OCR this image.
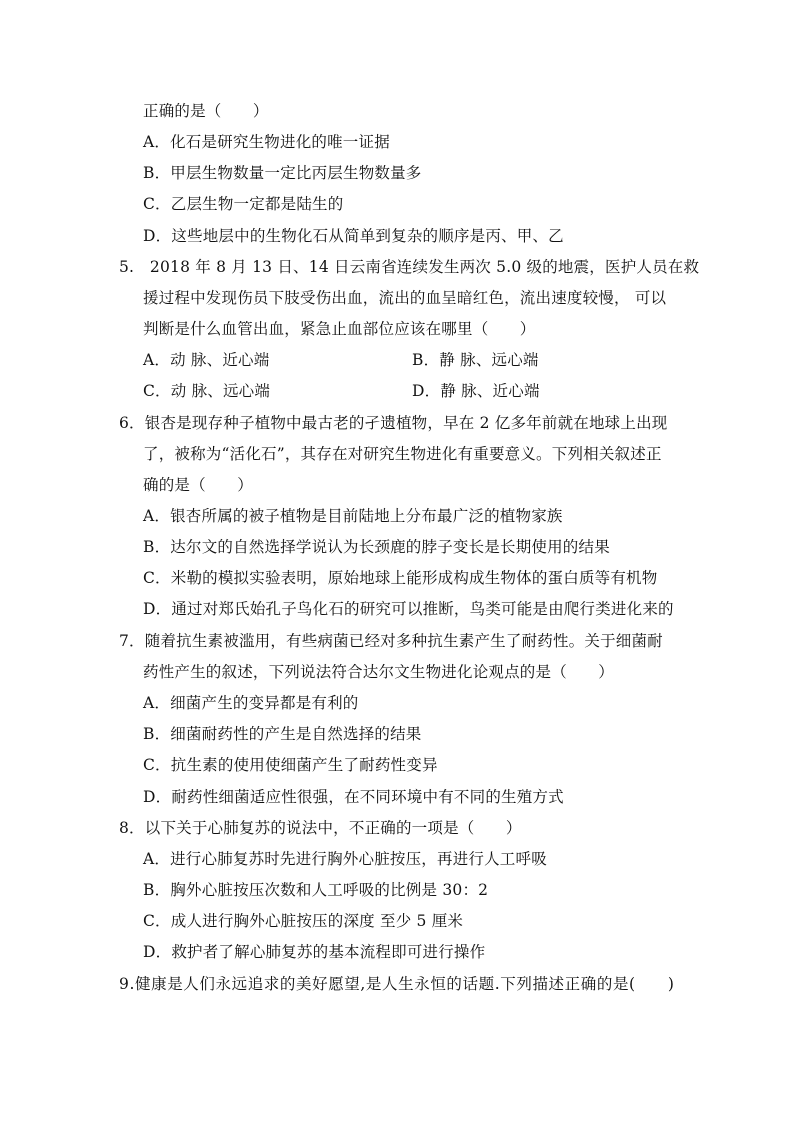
正确的是（　　）
A．化石是研究生物进化的唯一证据
B．甲层生物数量一定比丙层生物数量多
C．乙层生物一定都是陆生的
D．这些地层中的生物化石从简单到复杂的顺序是丙、甲、乙
5.　2018 年 8 月 13 日、14 日云南省连续发生两次 5.0 级的地震，医护人员在救
援过程中发现伤员下肢受伤出血，流出的血呈暗红色，流出速度较慢， 可以
判断是什么血管出血，紧急止血部位应该在哪里（　　）
A．动 脉、近心端	B．静 脉、远心端
C．动 脉、远心端	D．静 脉、近心端
6．银杏是现存种子植物中最古老的孑遗植物，早在 2 亿多年前就在地球上出现
了，被称为“活化石”，其存在对研究生物进化有重要意义。下列相关叙述正
确的是（　　）
A．银杏所属的被子植物是目前陆地上分布最广泛的植物家族
B．达尔文的自然选择学说认为长颈鹿的脖子变长是长期使用的结果
C．米勒的模拟实验表明，原始地球上能形成构成生物体的蛋白质等有机物
D．通过对郑氏始孔子鸟化石的研究可以推断，鸟类可能是由爬行类进化来的
7．随着抗生素被滥用，有些病菌已经对多种抗生素产生了耐药性。关于细菌耐
药性产生的叙述，下列说法符合达尔文生物进化论观点的是（　　）
A．细菌产生的变异都是有利的
B．细菌耐药性的产生是自然选择的结果
C．抗生素的使用使细菌产生了耐药性变异
D．耐药性细菌适应性很强，在不同环境中有不同的生殖方式
8．以下关于心肺复苏的说法中，不正确的一项是（　　）
A．进行心肺复苏时先进行胸外心脏按压，再进行人工呼吸
B．胸外心脏按压次数和人工呼吸的比例是 30：2
C．成人进行胸外心脏按压的深度 至少 5 厘米
D．救护者了解心肺复苏的基本流程即可进行操作
9.健康是人们永远追求的美好愿望,是人生永恒的话题.下列描述正确的是(　　)
